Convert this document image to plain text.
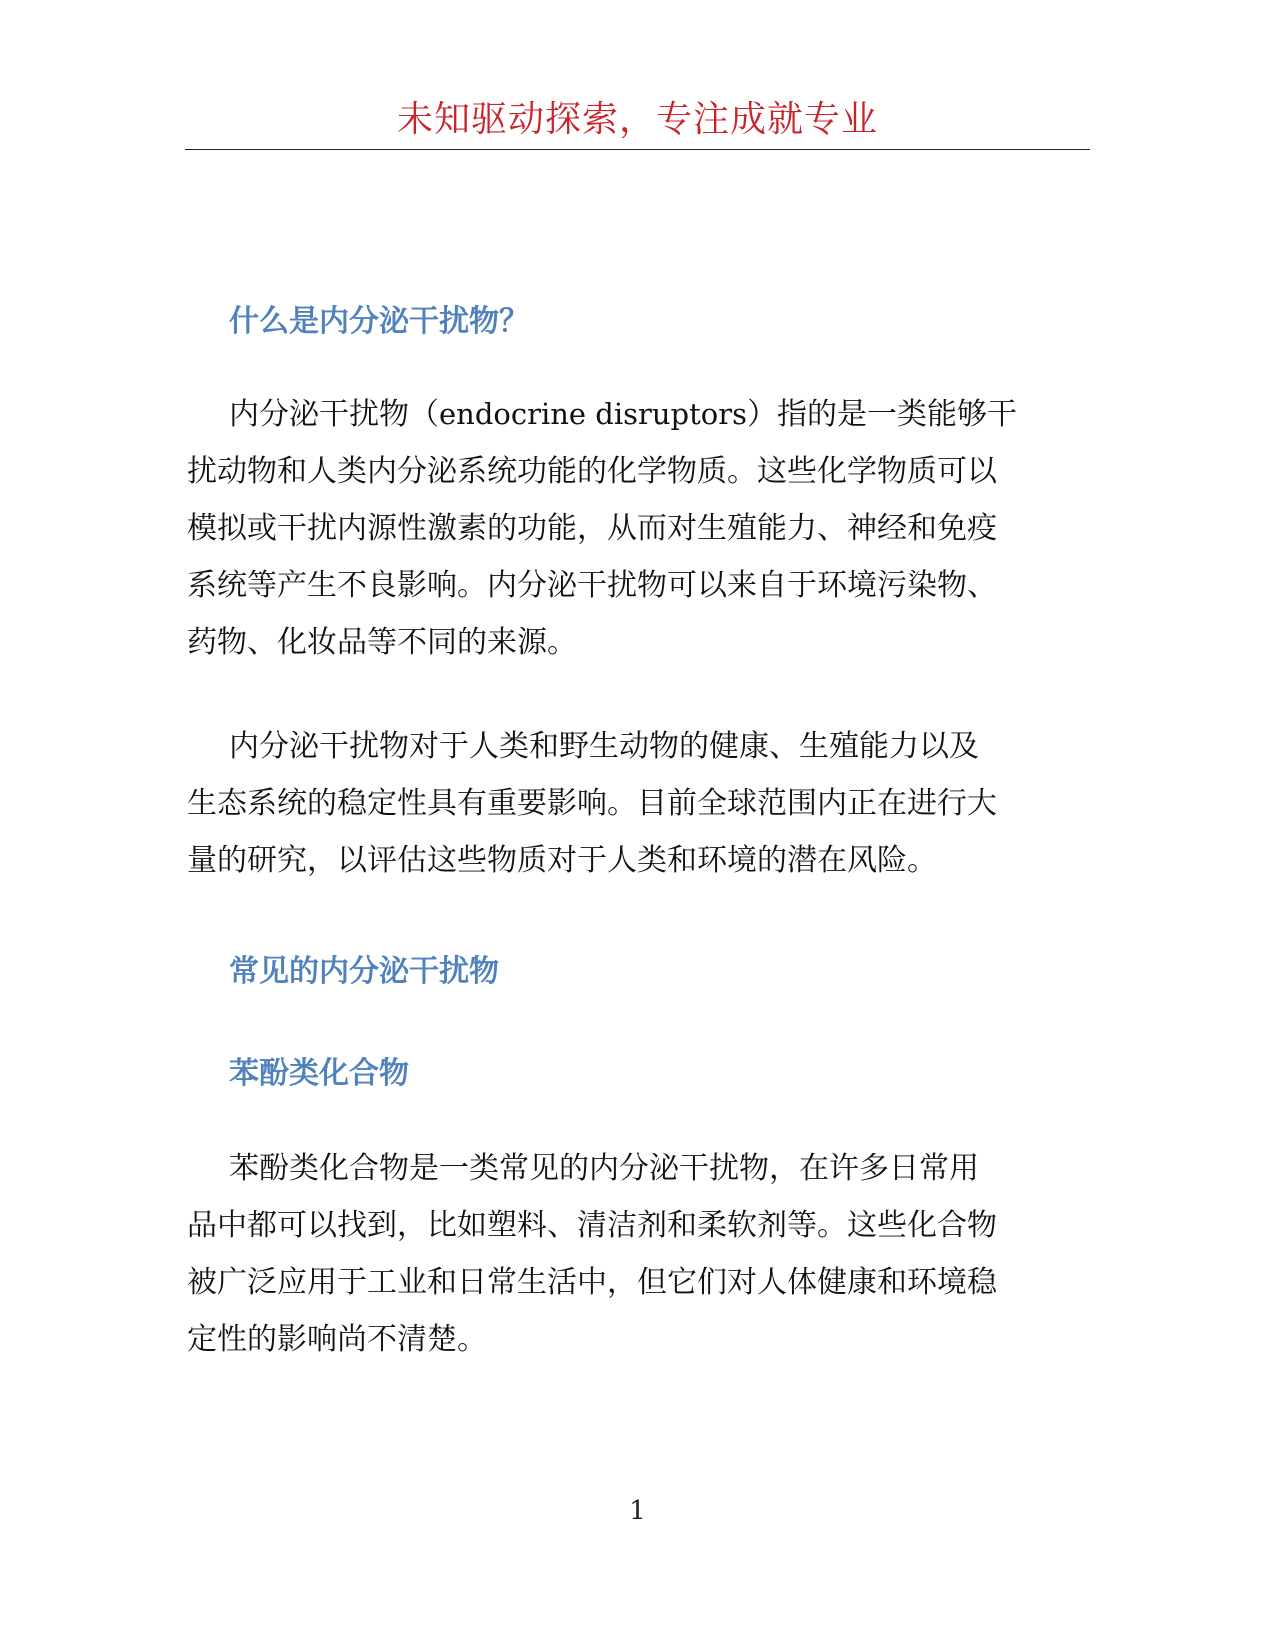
未知驱动探索，专注成就专业
什么是内分泌干扰物？
内分泌干扰物（endocrine disruptors）指的是一类能够干
扰动物和人类内分泌系统功能的化学物质。这些化学物质可以
模拟或干扰内源性激素的功能，从而对生殖能力、神经和免疫
系统等产生不良影响。内分泌干扰物可以来自于环境污染物、
药物、化妆品等不同的来源。
内分泌干扰物对于人类和野生动物的健康、生殖能力以及
生态系统的稳定性具有重要影响。目前全球范围内正在进行大
量的研究，以评估这些物质对于人类和环境的潜在风险。
常见的内分泌干扰物
苯酚类化合物
苯酚类化合物是一类常见的内分泌干扰物，在许多日常用
品中都可以找到，比如塑料、清洁剂和柔软剂等。这些化合物
被广泛应用于工业和日常生活中，但它们对人体健康和环境稳
定性的影响尚不清楚。
1
